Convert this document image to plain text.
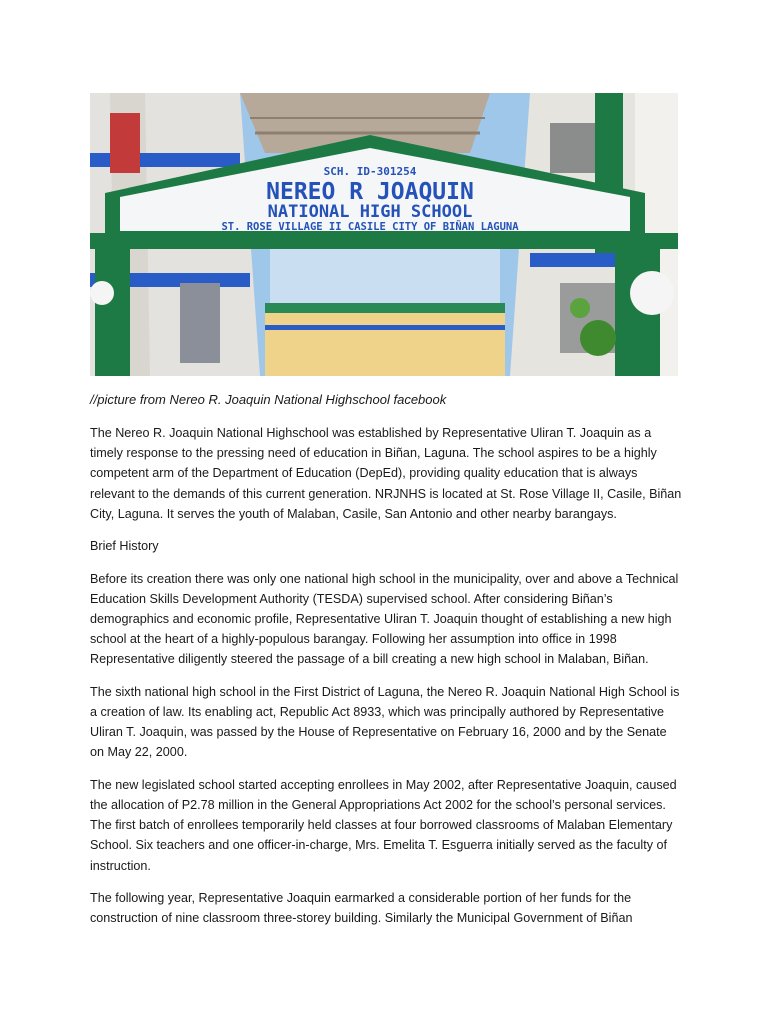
SCH. ID-301254
NEREO R JOAQUIN
NATIONAL HIGH SCHOOL
ST. ROSE VILLAGE II CASILE CITY OF BIÑAN LAGUNA
//picture from Nereo R. Joaquin National Highschool facebook

The Nereo R. Joaquin National Highschool was established by Representative Uliran T. Joaquin as a timely response to the pressing need of education in Biñan, Laguna. The school aspires to be a highly competent arm of the Department of Education (DepEd), providing quality education that is always relevant to the demands of this current generation. NRJNHS is located at St. Rose Village II, Casile, Biñan City, Laguna. It serves the youth of Malaban, Casile, San Antonio and other nearby barangays.

Brief History

Before its creation there was only one national high school in the municipality, over and above a Technical Education Skills Development Authority (TESDA) supervised school. After considering Biñan’s demographics and economic profile, Representative Uliran T. Joaquin thought of establishing a new high school at the heart of a highly-populous barangay. Following her assumption into office in 1998 Representative diligently steered the passage of a bill creating a new high school in Malaban, Biñan.

The sixth national high school in the First District of Laguna, the Nereo R. Joaquin National High School is a creation of law. Its enabling act, Republic Act 8933, which was principally authored by Representative Uliran T. Joaquin, was passed by the House of Representative on February 16, 2000 and by the Senate on May 22, 2000.

The new legislated school started accepting enrollees in May 2002, after Representative Joaquin, caused the allocation of P2.78 million in the General Appropriations Act 2002 for the school’s personal services. The first batch of enrollees temporarily held classes at four borrowed classrooms of Malaban Elementary School. Six teachers and one officer-in-charge, Mrs. Emelita T. Esguerra initially served as the faculty of instruction.

The following year, Representative Joaquin earmarked a considerable portion of her funds for the construction of nine classroom three-storey building. Similarly the Municipal Government of Biñan
